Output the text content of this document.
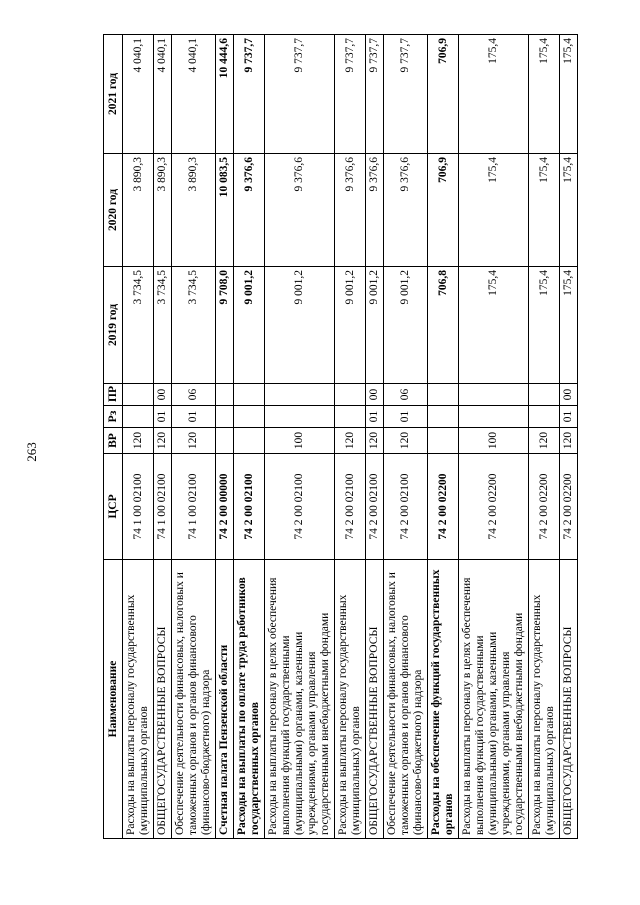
263
Наименование	ЦСР	ВР	Рз	ПР	2019 год	2020 год	2021 год
Расходы на выплаты персоналу государственных (муниципальных) органов	74 1 00 02100	120			3 734,5	3 890,3	4 040,1
ОБЩЕГОСУДАРСТВЕННЫЕ ВОПРОСЫ	74 1 00 02100	120	01	00	3 734,5	3 890,3	4 040,1
Обеспечение деятельности финансовых, налоговых и таможенных органов и органов финансового (финансово-бюджетного) надзора	74 1 00 02100	120	01	06	3 734,5	3 890,3	4 040,1
Счетная палата Пензенской области	74 2 00 00000				9 708,0	10 083,5	10 444,6
Расходы на выплаты по оплате труда работников государственных органов	74 2 00 02100				9 001,2	9 376,6	9 737,7
Расходы на выплаты персоналу в целях обеспечения выполнения функций государственными (муниципальными) органами, казенными учреждениями, органами управления государственными внебюджетными фондами	74 2 00 02100	100			9 001,2	9 376,6	9 737,7
Расходы на выплаты персоналу государственных (муниципальных) органов	74 2 00 02100	120			9 001,2	9 376,6	9 737,7
ОБЩЕГОСУДАРСТВЕННЫЕ ВОПРОСЫ	74 2 00 02100	120	01	00	9 001,2	9 376,6	9 737,7
Обеспечение деятельности финансовых, налоговых и таможенных органов и органов финансового (финансово-бюджетного) надзора	74 2 00 02100	120	01	06	9 001,2	9 376,6	9 737,7
Расходы на обеспечение функций государственных органов	74 2 00 02200				706,8	706,9	706,9
Расходы на выплаты персоналу в целях обеспечения выполнения функций государственными (муниципальными) органами, казенными учреждениями, органами управления государственными внебюджетными фондами	74 2 00 02200	100			175,4	175,4	175,4
Расходы на выплаты персоналу государственных (муниципальных) органов	74 2 00 02200	120			175,4	175,4	175,4
ОБЩЕГОСУДАРСТВЕННЫЕ ВОПРОСЫ	74 2 00 02200	120	01	00	175,4	175,4	175,4
